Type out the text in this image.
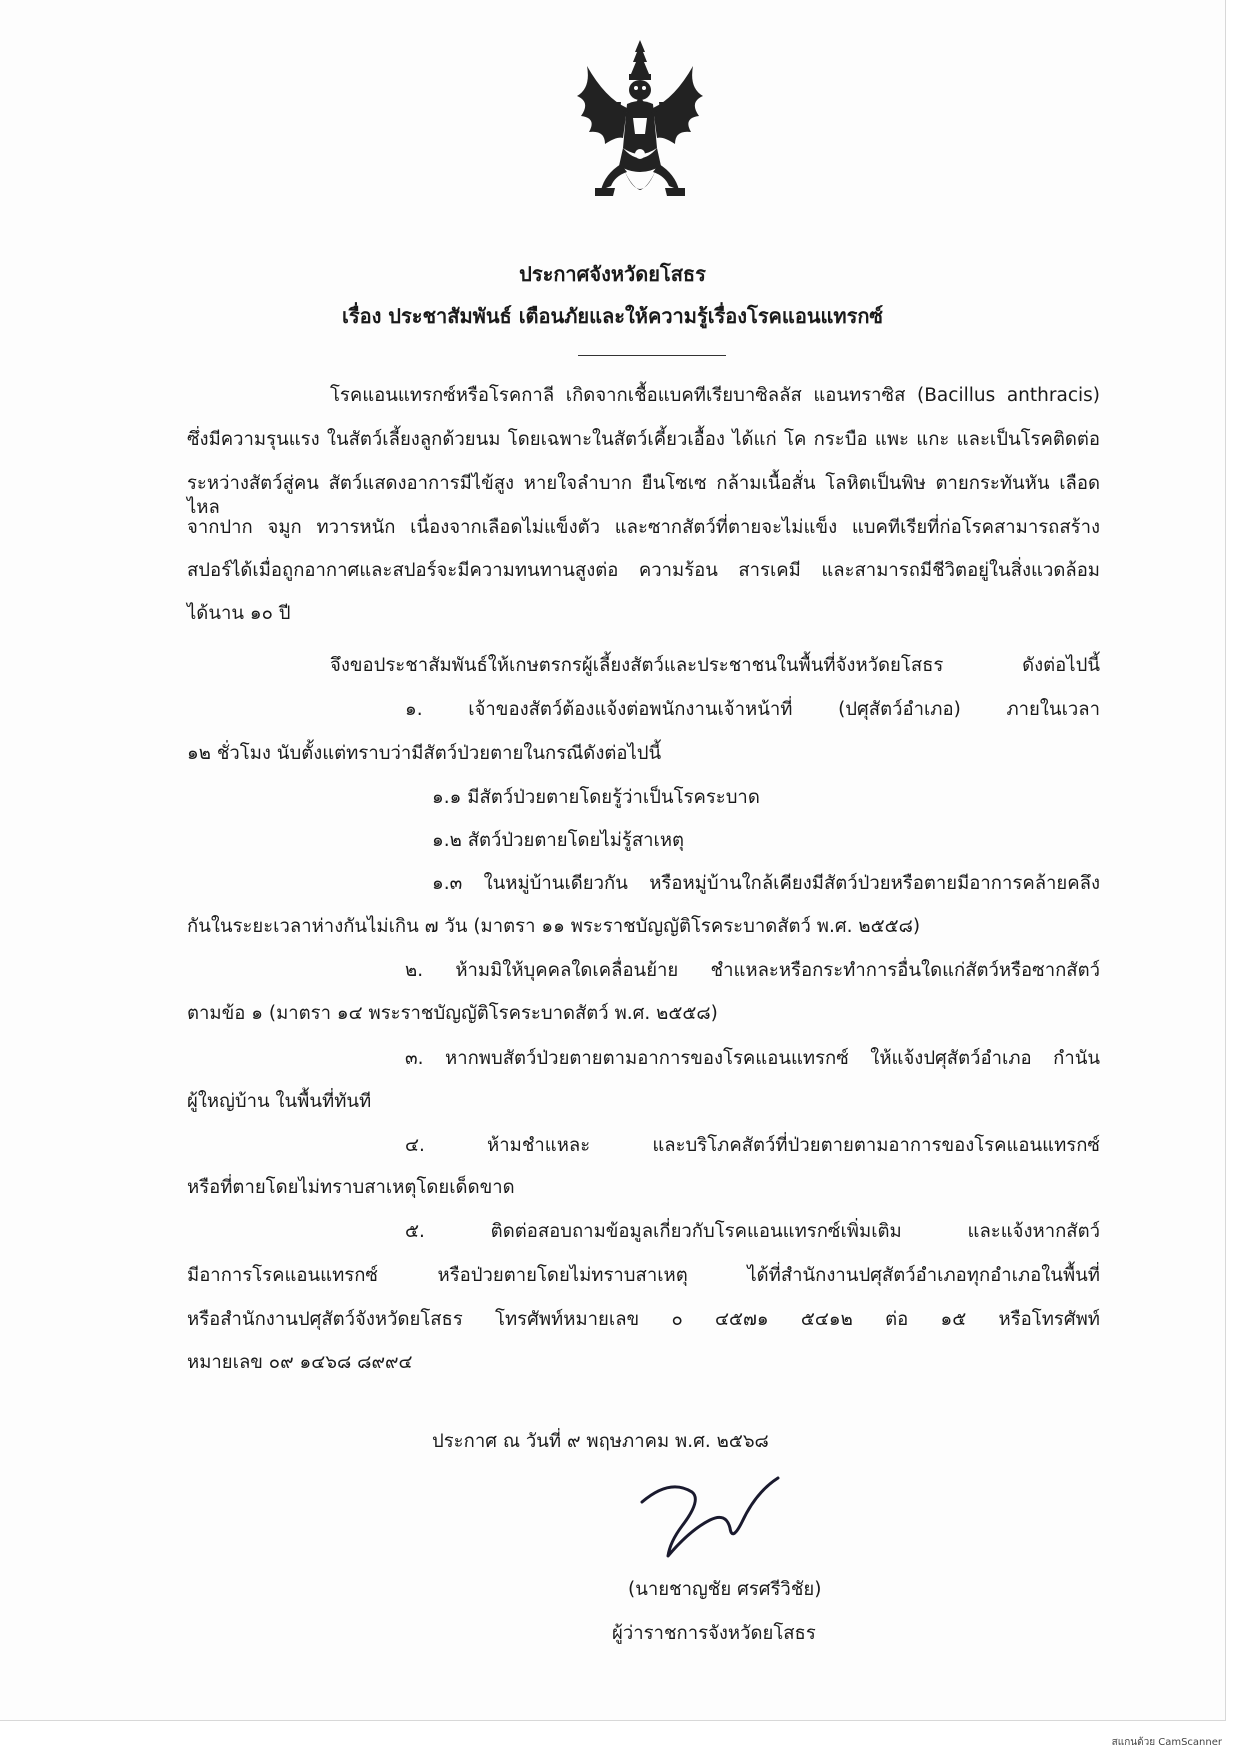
ประกาศจังหวัดยโสธร
เรื่อง ประชาสัมพันธ์ เตือนภัยและให้ความรู้เรื่องโรคแอนแทรกซ์
โรคแอนแทรกซ์หรือโรคกาลี เกิดจากเชื้อแบคทีเรียบาซิลลัส แอนทราซิส (Bacillus anthracis)
ซึ่งมีความรุนแรง ในสัตว์เลี้ยงลูกด้วยนม โดยเฉพาะในสัตว์เคี้ยวเอื้อง ได้แก่ โค กระบือ แพะ แกะ และเป็นโรคติดต่อ
ระหว่างสัตว์สู่คน สัตว์แสดงอาการมีไข้สูง หายใจลำบาก ยืนโซเซ กล้ามเนื้อสั่น โลหิตเป็นพิษ ตายกระทันหัน เลือดไหล
จากปาก จมูก ทวารหนัก เนื่องจากเลือดไม่แข็งตัว และซากสัตว์ที่ตายจะไม่แข็ง แบคทีเรียที่ก่อโรคสามารถสร้าง
สปอร์ได้เมื่อถูกอากาศและสปอร์จะมีความทนทานสูงต่อ ความร้อน สารเคมี และสามารถมีชีวิตอยู่ในสิ่งแวดล้อม
ได้นาน ๑๐ ปี
จึงขอประชาสัมพันธ์ให้เกษตรกรผู้เลี้ยงสัตว์และประชาชนในพื้นที่จังหวัดยโสธร ดังต่อไปนี้
๑. เจ้าของสัตว์ต้องแจ้งต่อพนักงานเจ้าหน้าที่ (ปศุสัตว์อำเภอ) ภายในเวลา
๑๒ ชั่วโมง นับตั้งแต่ทราบว่ามีสัตว์ป่วยตายในกรณีดังต่อไปนี้
๑.๑ มีสัตว์ป่วยตายโดยรู้ว่าเป็นโรคระบาด
๑.๒ สัตว์ป่วยตายโดยไม่รู้สาเหตุ
๑.๓ ในหมู่บ้านเดียวกัน หรือหมู่บ้านใกล้เคียงมีสัตว์ป่วยหรือตายมีอาการคล้ายคลึง
กันในระยะเวลาห่างกันไม่เกิน ๗ วัน (มาตรา ๑๑ พระราชบัญญัติโรคระบาดสัตว์ พ.ศ. ๒๕๕๘)
๒. ห้ามมิให้บุคคลใดเคลื่อนย้าย ชำแหละหรือกระทำการอื่นใดแก่สัตว์หรือซากสัตว์
ตามข้อ ๑ (มาตรา ๑๔ พระราชบัญญัติโรคระบาดสัตว์ พ.ศ. ๒๕๕๘)
๓. หากพบสัตว์ป่วยตายตามอาการของโรคแอนแทรกซ์ ให้แจ้งปศุสัตว์อำเภอ กำนัน
ผู้ใหญ่บ้าน ในพื้นที่ทันที
๔. ห้ามชำแหละ และบริโภคสัตว์ที่ป่วยตายตามอาการของโรคแอนแทรกซ์
หรือที่ตายโดยไม่ทราบสาเหตุโดยเด็ดขาด
๕. ติดต่อสอบถามข้อมูลเกี่ยวกับโรคแอนแทรกซ์เพิ่มเติม และแจ้งหากสัตว์
มีอาการโรคแอนแทรกซ์ หรือป่วยตายโดยไม่ทราบสาเหตุ ได้ที่สำนักงานปศุสัตว์อำเภอทุกอำเภอในพื้นที่
หรือสำนักงานปศุสัตว์จังหวัดยโสธร โทรศัพท์หมายเลข ๐ ๔๕๗๑ ๕๔๑๒ ต่อ ๑๕ หรือโทรศัพท์
หมายเลข ๐๙ ๑๔๖๘ ๘๙๙๔
ประกาศ ณ วันที่ ๙ พฤษภาคม พ.ศ. ๒๕๖๘
(นายชาญชัย ศรศรีวิชัย)
ผู้ว่าราชการจังหวัดยโสธร
สแกนด้วย CamScanner
